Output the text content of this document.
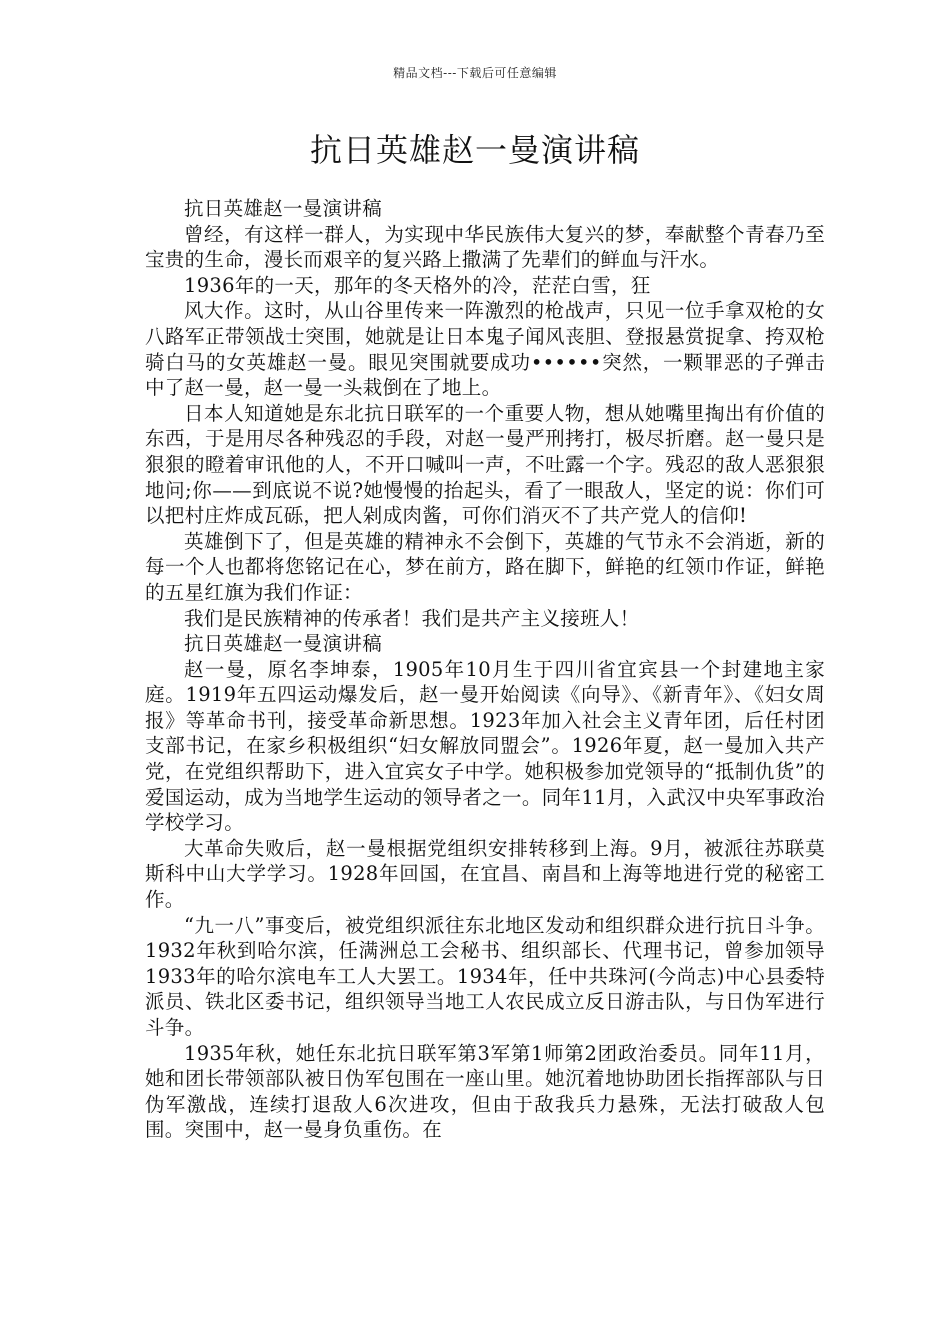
精品文档---下载后可任意编辑
抗日英雄赵一曼演讲稿

抗日英雄赵一曼演讲稿

曾经，有这样一群人，为实现中华民族伟大复兴的梦，奉献整个青春乃至宝贵的生命，漫长而艰辛的复兴路上撒满了先辈们的鲜血与汗水。

1936年的一天，那年的冬天格外的冷，茫茫白雪，狂

风大作。这时，从山谷里传来一阵激烈的枪战声，只见一位手拿双枪的女八路军正带领战士突围，她就是让日本鬼子闻风丧胆、登报悬赏捉拿、挎双枪骑白马的女英雄赵一曼。眼见突围就要成功••••••突然，一颗罪恶的子弹击中了赵一曼，赵一曼一头栽倒在了地上。

日本人知道她是东北抗日联军的一个重要人物，想从她嘴里掏出有价值的东西，于是用尽各种残忍的手段，对赵一曼严刑拷打，极尽折磨。赵一曼只是狠狠的瞪着审讯他的人，不开口喊叫一声，不吐露一个字。残忍的敌人恶狠狠地问;你——到底说不说?她慢慢的抬起头，看了一眼敌人，坚定的说：你们可以把村庄炸成瓦砾，把人剁成肉酱，可你们消灭不了共产党人的信仰!

英雄倒下了，但是英雄的精神永不会倒下，英雄的气节永不会消逝，新的每一个人也都将您铭记在心，梦在前方，路在脚下，鲜艳的红领巾作证，鲜艳的五星红旗为我们作证：

我们是民族精神的传承者！我们是共产主义接班人！

抗日英雄赵一曼演讲稿

赵一曼，原名李坤泰，1905年10月生于四川省宜宾县一个封建地主家庭。1919年五四运动爆发后，赵一曼开始阅读《向导》、《新青年》、《妇女周报》等革命书刊，接受革命新思想。1923年加入社会主义青年团，后任村团支部书记，在家乡积极组织“妇女解放同盟会”。1926年夏，赵一曼加入共产党，在党组织帮助下，进入宜宾女子中学。她积极参加党领导的“抵制仇货”的爱国运动，成为当地学生运动的领导者之一。同年11月，入武汉中央军事政治学校学习。

大革命失败后，赵一曼根据党组织安排转移到上海。9月，被派往苏联莫斯科中山大学学习。1928年回国，在宜昌、南昌和上海等地进行党的秘密工作。

“九一八”事变后，被党组织派往东北地区发动和组织群众进行抗日斗争。1932年秋到哈尔滨，任满洲总工会秘书、组织部长、代理书记，曾参加领导1933年的哈尔滨电车工人大罢工。1934年，任中共珠河(今尚志)中心县委特派员、铁北区委书记，组织领导当地工人农民成立反日游击队，与日伪军进行斗争。

1935年秋，她任东北抗日联军第3军第1师第2团政治委员。同年11月，她和团长带领部队被日伪军包围在一座山里。她沉着地协助团长指挥部队与日伪军激战，连续打退敌人6次进攻，但由于敌我兵力悬殊，无法打破敌人包围。突围中，赵一曼身负重伤。在
